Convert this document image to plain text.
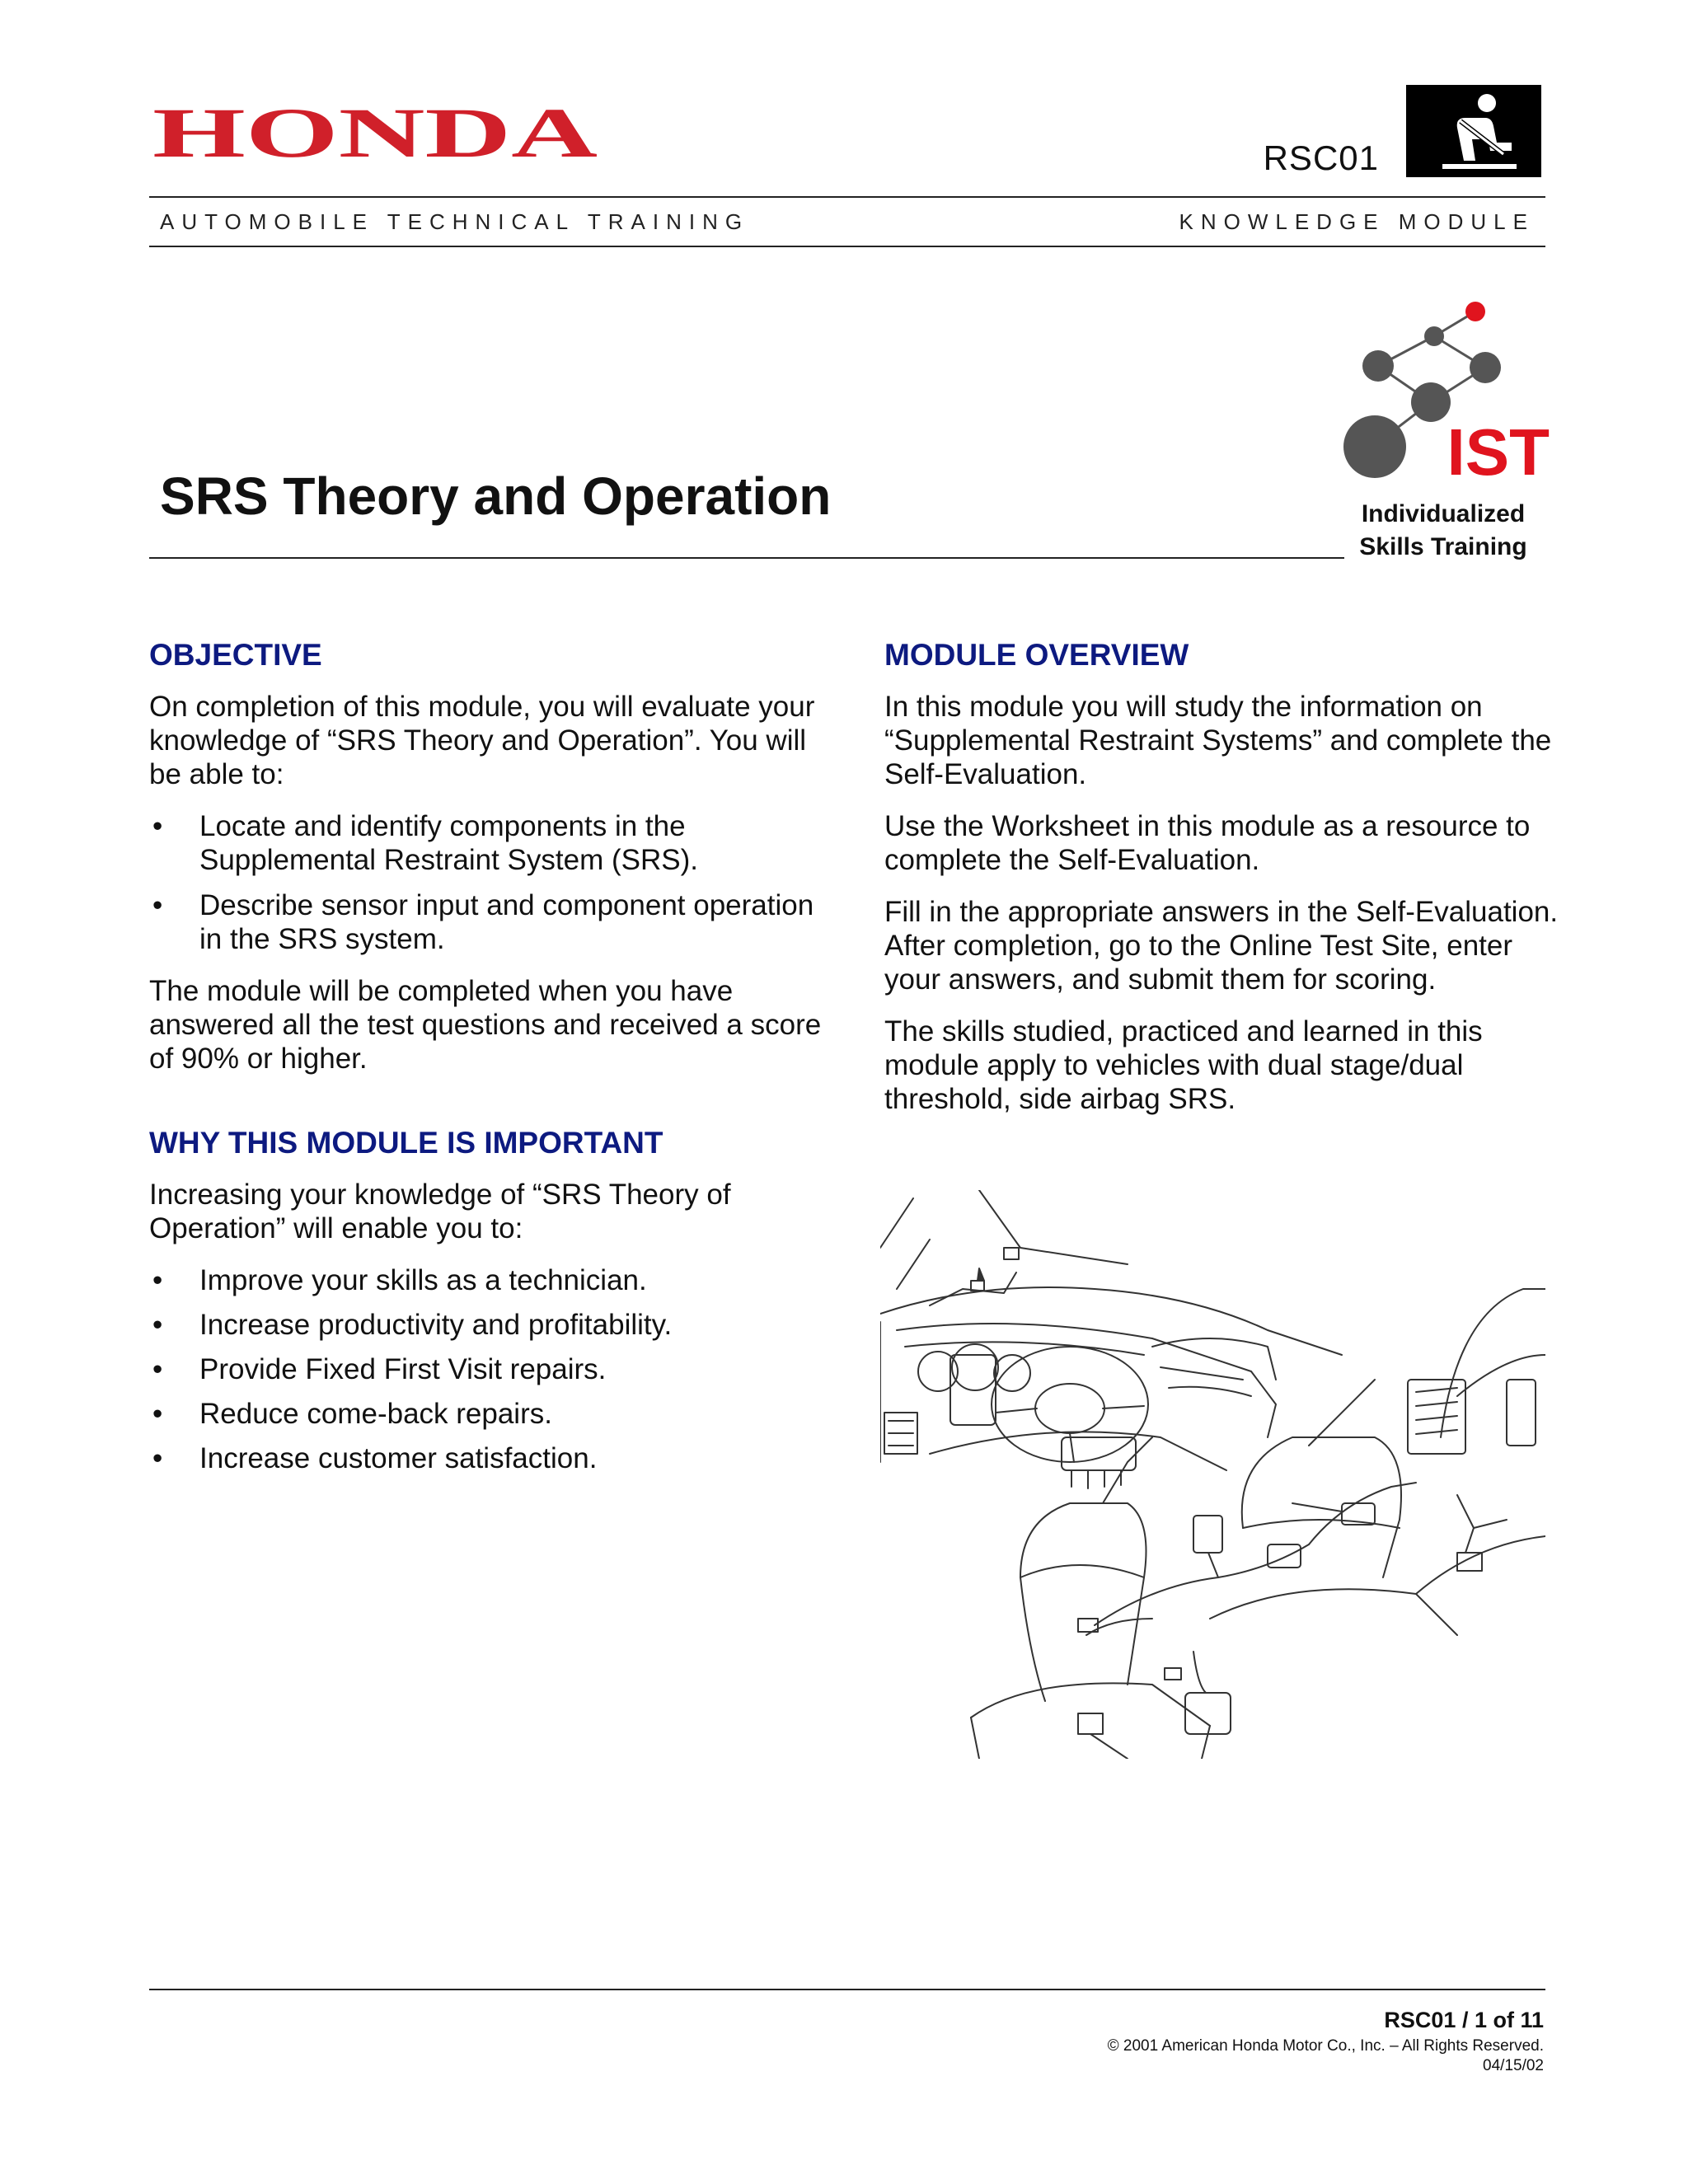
HONDA	RSC01
AUTOMOBILE TECHNICAL TRAINING	KNOWLEDGE MODULE
IST
Individualized
Skills Training
SRS Theory and Operation
OBJECTIVE

On completion of this module, you will evaluate your knowledge of “SRS Theory and Operation”. You will be able to:

• Locate and identify components in the Supplemental Restraint System (SRS).
• Describe sensor input and component operation in the SRS system.

The module will be completed when you have answered all the test questions and received a score of 90% or higher.

WHY THIS MODULE IS IMPORTANT

Increasing your knowledge of “SRS Theory of Operation” will enable you to:

• Improve your skills as a technician.
• Increase productivity and profitability.
• Provide Fixed First Visit repairs.
• Reduce come-back repairs.
• Increase customer satisfaction.
MODULE OVERVIEW

In this module you will study the information on “Supplemental Restraint Systems” and complete the Self-Evaluation.

Use the Worksheet in this module as a resource to complete the Self-Evaluation.

Fill in the appropriate answers in the Self-Evaluation. After completion, go to the Online Test Site, enter your answers, and submit them for scoring.

The skills studied, practiced and learned in this module apply to vehicles with dual stage/dual threshold, side airbag SRS.

RSC01 / 1 of 11
© 2001 American Honda Motor Co., Inc. – All Rights Reserved.
04/15/02
